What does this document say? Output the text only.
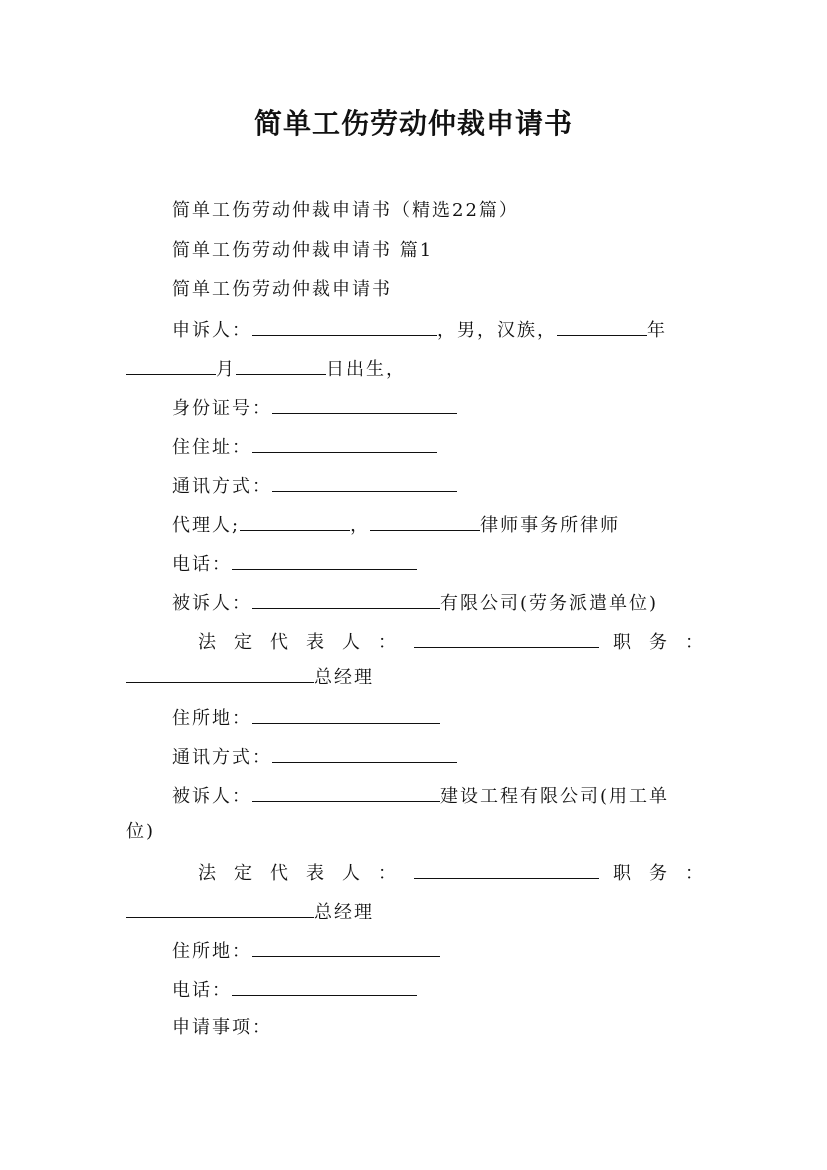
简单工伤劳动仲裁申请书
简单工伤劳动仲裁申请书（精选22篇）
简单工伤劳动仲裁申请书 篇1
简单工伤劳动仲裁申请书
申诉人：	，男，汉族，	年
月	日出生，
身份证号：
住住址：
通讯方式：
代理人;	，	律师事务所律师
电话：
被诉人：	有限公司(劳务派遣单位)
法定代表人：	职务：
总经理
住所地：
通讯方式：
被诉人：	建设工程有限公司(用工单
位)
法定代表人：	职务：
总经理
住所地：
电话：
申请事项：
